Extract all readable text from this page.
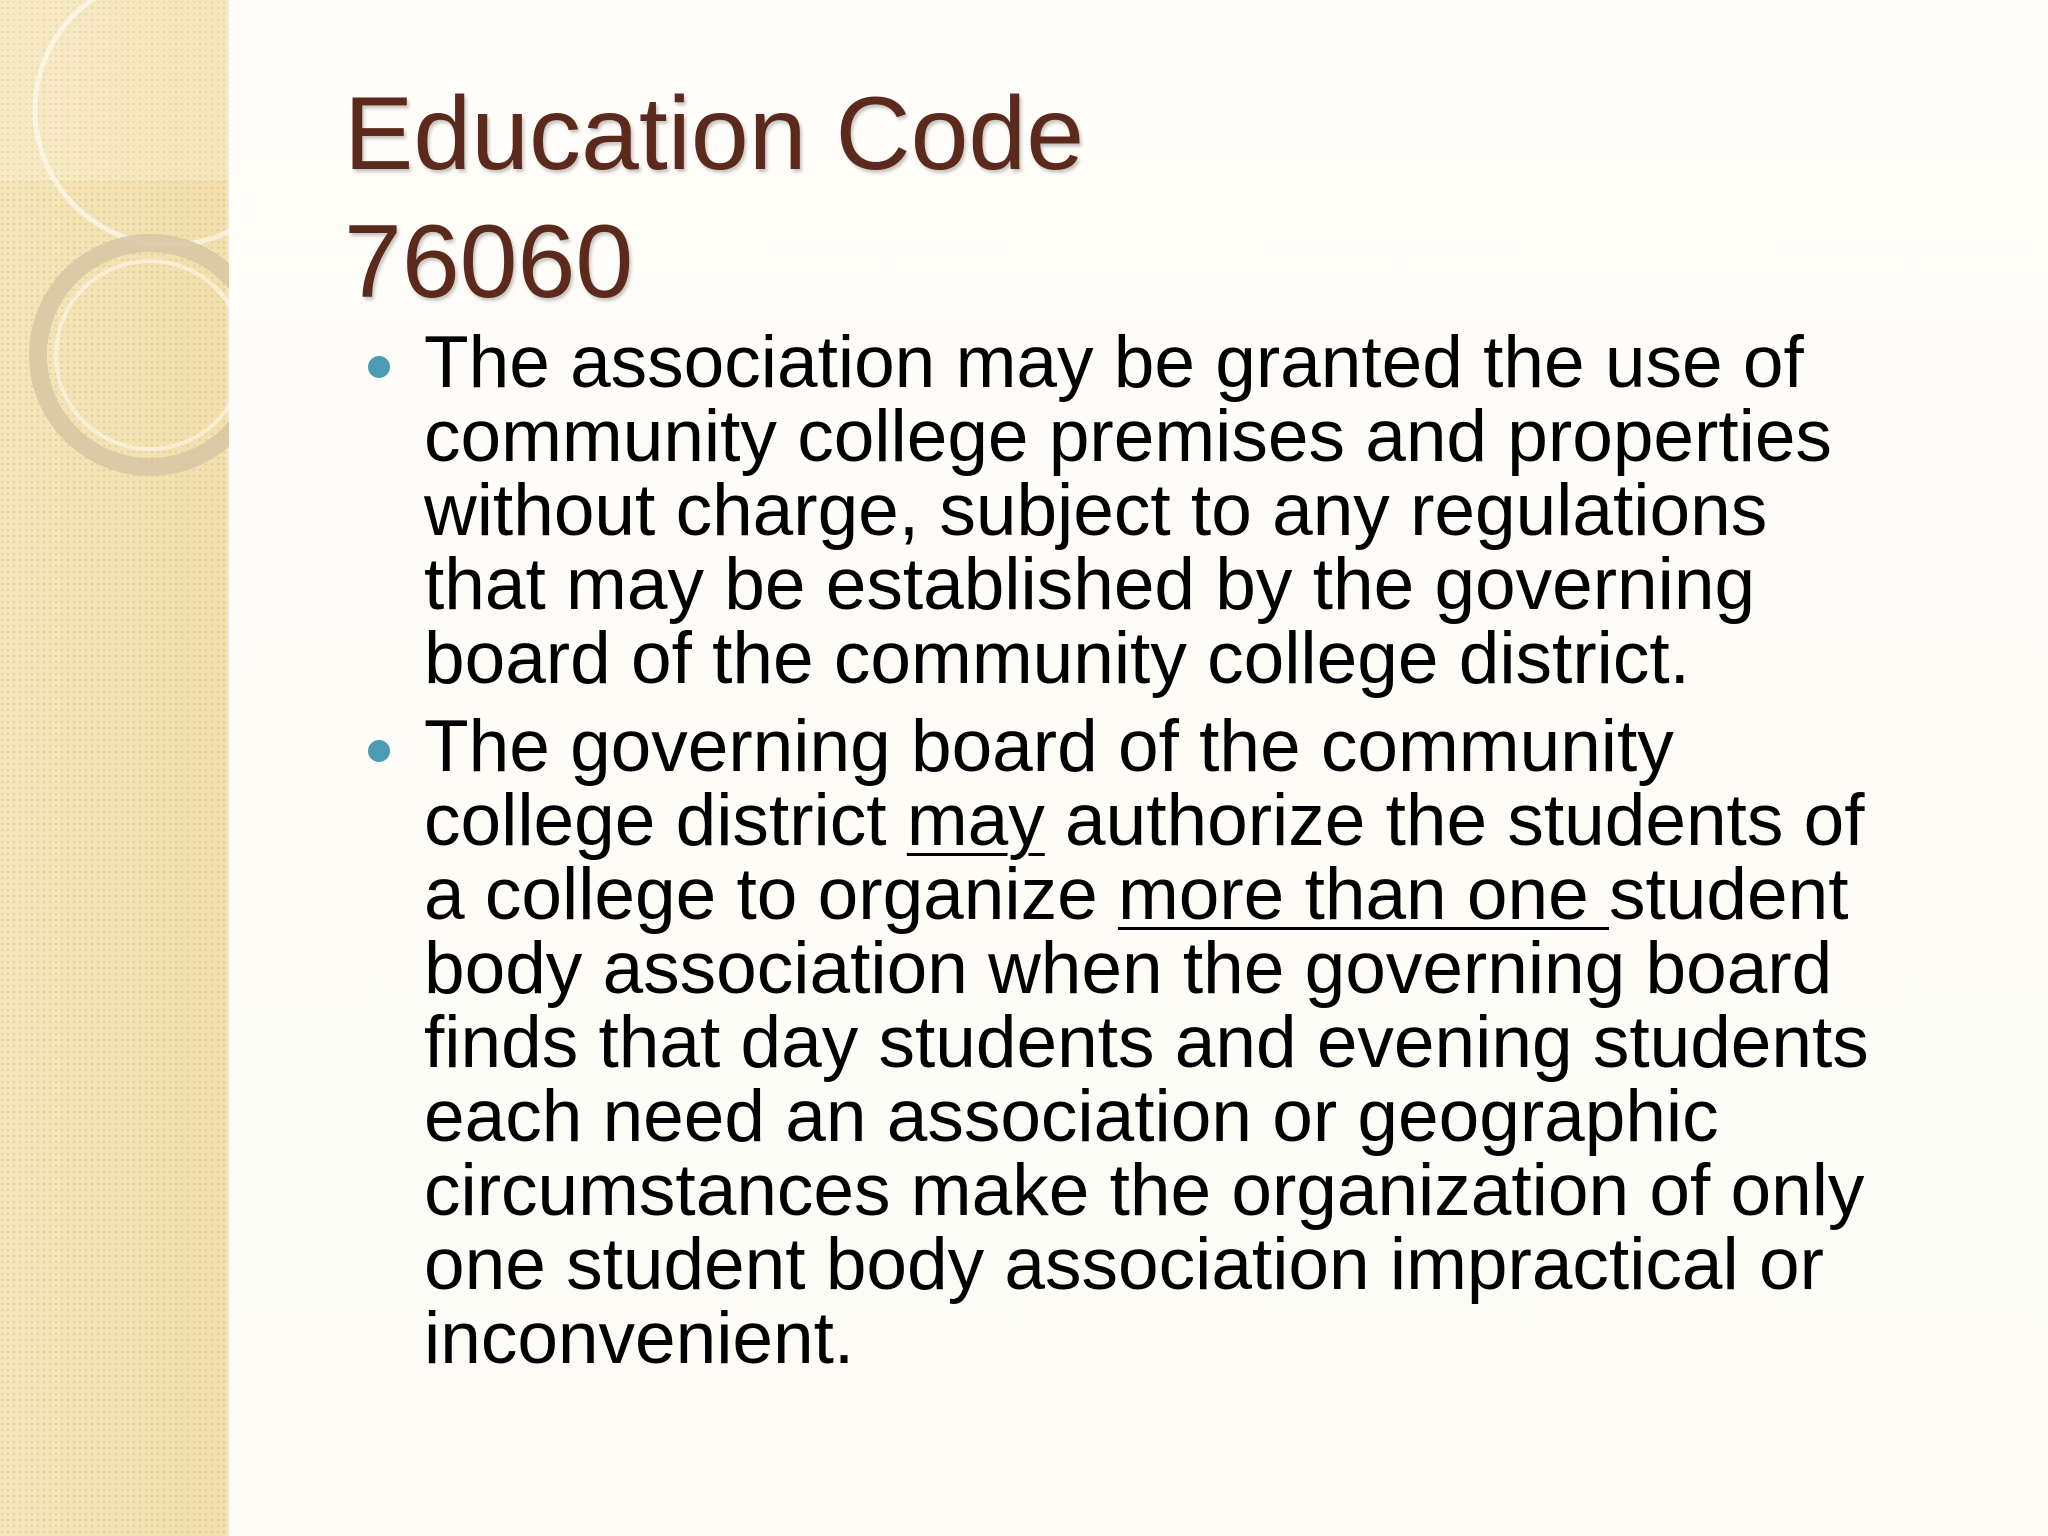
Education Code
76060
The association may be granted the use of
community college premises and properties
without charge, subject to any regulations
that may be established by the governing
board of the community college district.
The governing board of the community
college district may authorize the students of
a college to organize more than one student
body association when the governing board
finds that day students and evening students
each need an association or geographic
circumstances make the organization of only
one student body association impractical or
inconvenient.
